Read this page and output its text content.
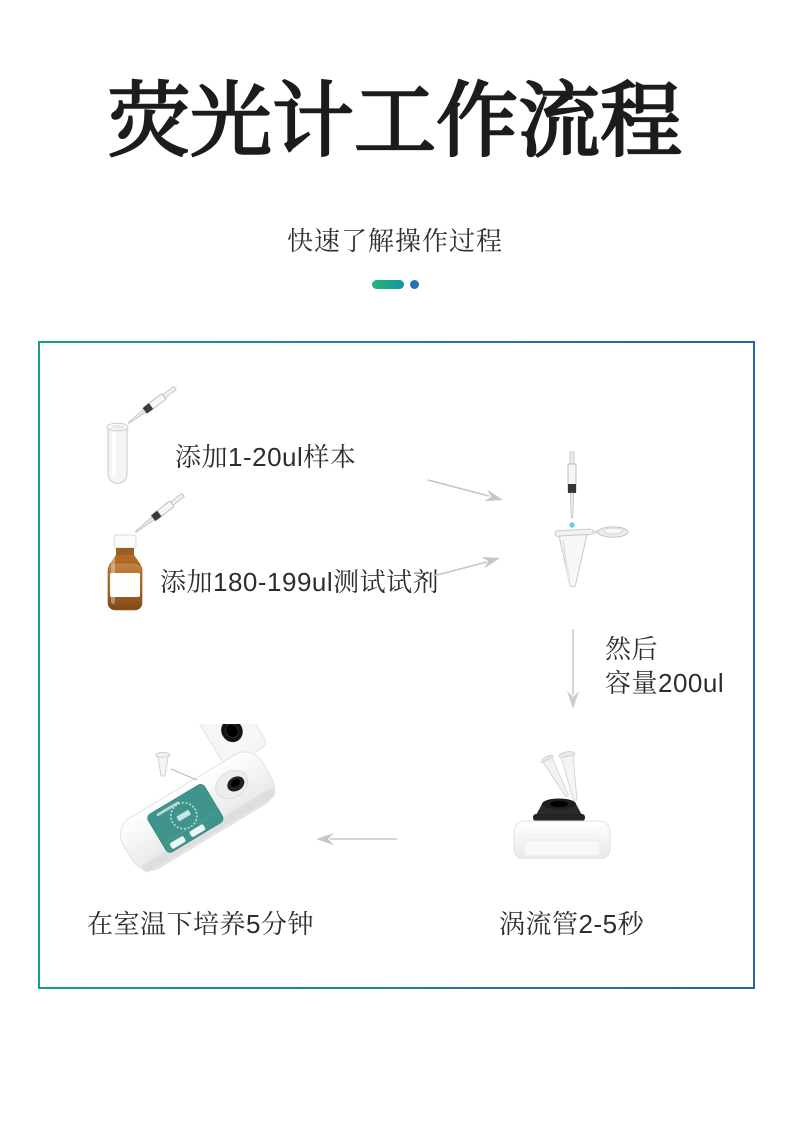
荧光计工作流程

快速了解操作过程

添加1-20ul样本
添加180-199ul测试试剂
然后
容量200ul
涡流管2-5秒
在室温下培养5分钟
